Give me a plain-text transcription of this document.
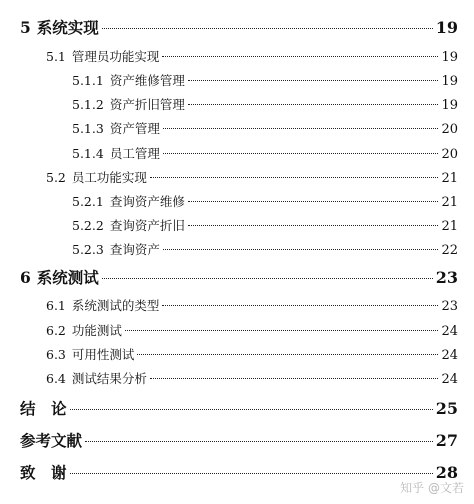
5 系统实现	19
5.1 管理员功能实现	19
5.1.1 资产维修管理	19
5.1.2 资产折旧管理	19
5.1.3 资产管理	20
5.1.4 员工管理	20
5.2 员工功能实现	21
5.2.1 查询资产维修	21
5.2.2 查询资产折旧	21
5.2.3 查询资产	22
6 系统测试	23
6.1 系统测试的类型	23
6.2 功能测试	24
6.3 可用性测试	24
6.4 测试结果分析	24
结　论	25
参考文献	27
致　谢	28
知乎 @文若
